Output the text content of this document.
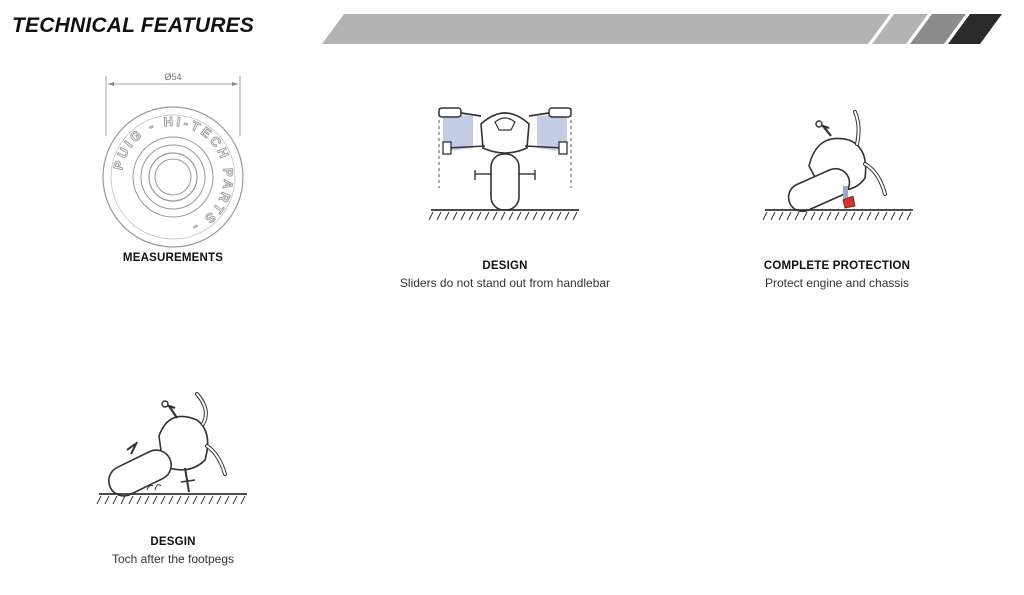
TECHNICAL FEATURES
Ø54
PUIG - HI-TECH PARTS -
MEASUREMENTS
DESIGN
Sliders do not stand out from handlebar
COMPLETE PROTECTION
Protect engine and chassis
DESGIN
Toch after the footpegs
